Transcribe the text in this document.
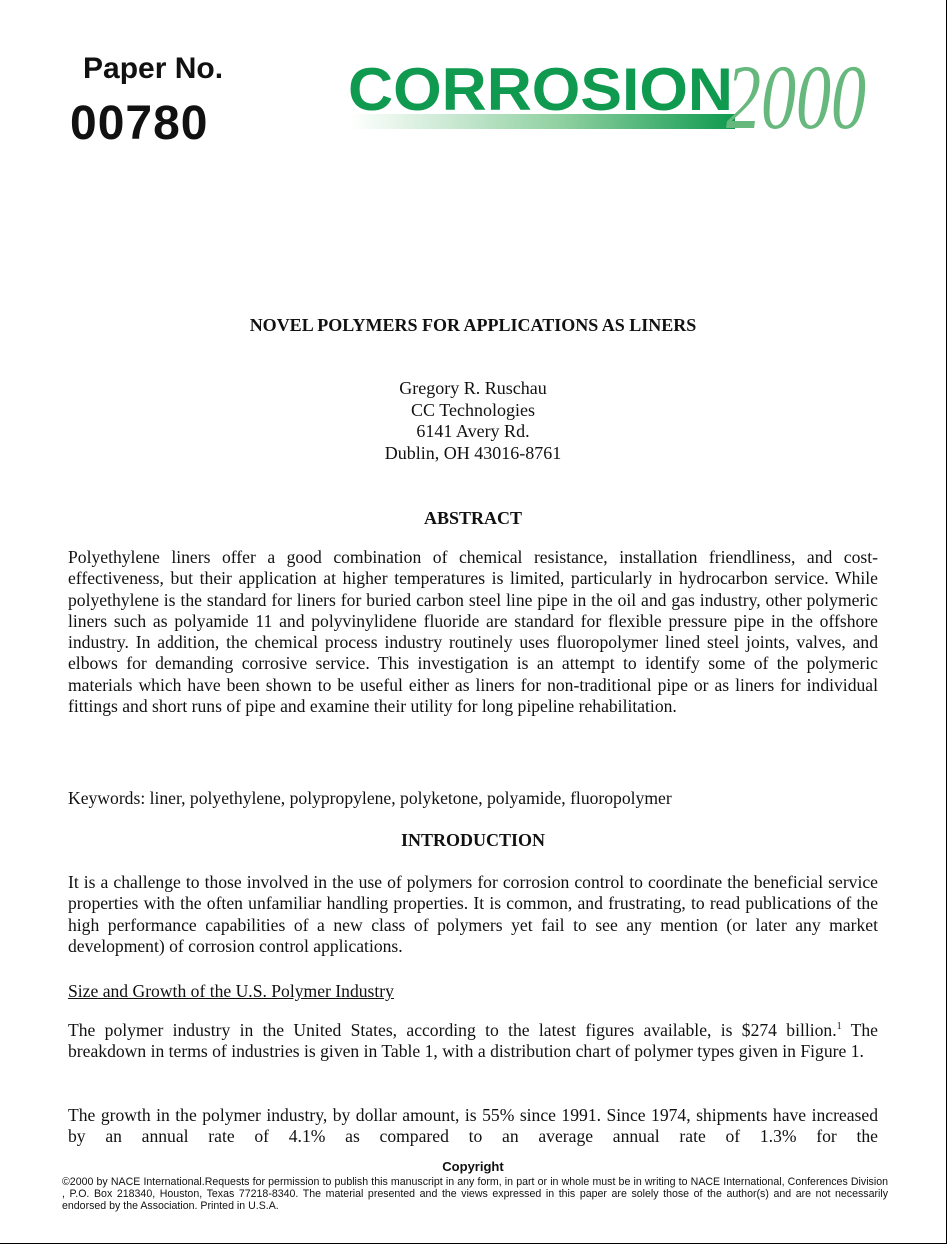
Paper No.
00780
CORROSION
2000
NOVEL POLYMERS FOR APPLICATIONS AS LINERS
Gregory R. Ruschau
CC Technologies
6141 Avery Rd.
Dublin, OH 43016-8761
ABSTRACT
Polyethylene liners offer a good combination of chemical resistance, installation friendliness, and cost-effectiveness, but their application at higher temperatures is limited, particularly in hydrocarbon service. While polyethylene is the standard for liners for buried carbon steel line pipe in the oil and gas industry, other polymeric liners such as polyamide 11 and polyvinylidene fluoride are standard for flexible pressure pipe in the offshore industry. In addition, the chemical process industry routinely uses fluoropolymer lined steel joints, valves, and elbows for demanding corrosive service. This investigation is an attempt to identify some of the polymeric materials which have been shown to be useful either as liners for non-traditional pipe or as liners for individual fittings and short runs of pipe and examine their utility for long pipeline rehabilitation.
Keywords: liner, polyethylene, polypropylene, polyketone, polyamide, fluoropolymer
INTRODUCTION
It is a challenge to those involved in the use of polymers for corrosion control to coordinate the beneficial service properties with the often unfamiliar handling properties. It is common, and frustrating, to read publications of the high performance capabilities of a new class of polymers yet fail to see any mention (or later any market development) of corrosion control applications.
Size and Growth of the U.S. Polymer Industry
The polymer industry in the United States, according to the latest figures available, is $274 billion.$^1$ The breakdown in terms of industries is given in Table 1, with a distribution chart of polymer types given in Figure 1.
The growth in the polymer industry, by dollar amount, is 55% since 1991. Since 1974, shipments have increased by an annual rate of 4.1% as compared to an average annual rate of 1.3% for the
Copyright
©2000 by NACE International.Requests for permission to publish this manuscript in any form, in part or in whole must be in writing to NACE International, Conferences Division , P.O. Box 218340, Houston, Texas 77218-8340. The material presented and the views expressed in this paper are solely those of the author(s) and are not necessarily endorsed by the Association. Printed in U.S.A.
